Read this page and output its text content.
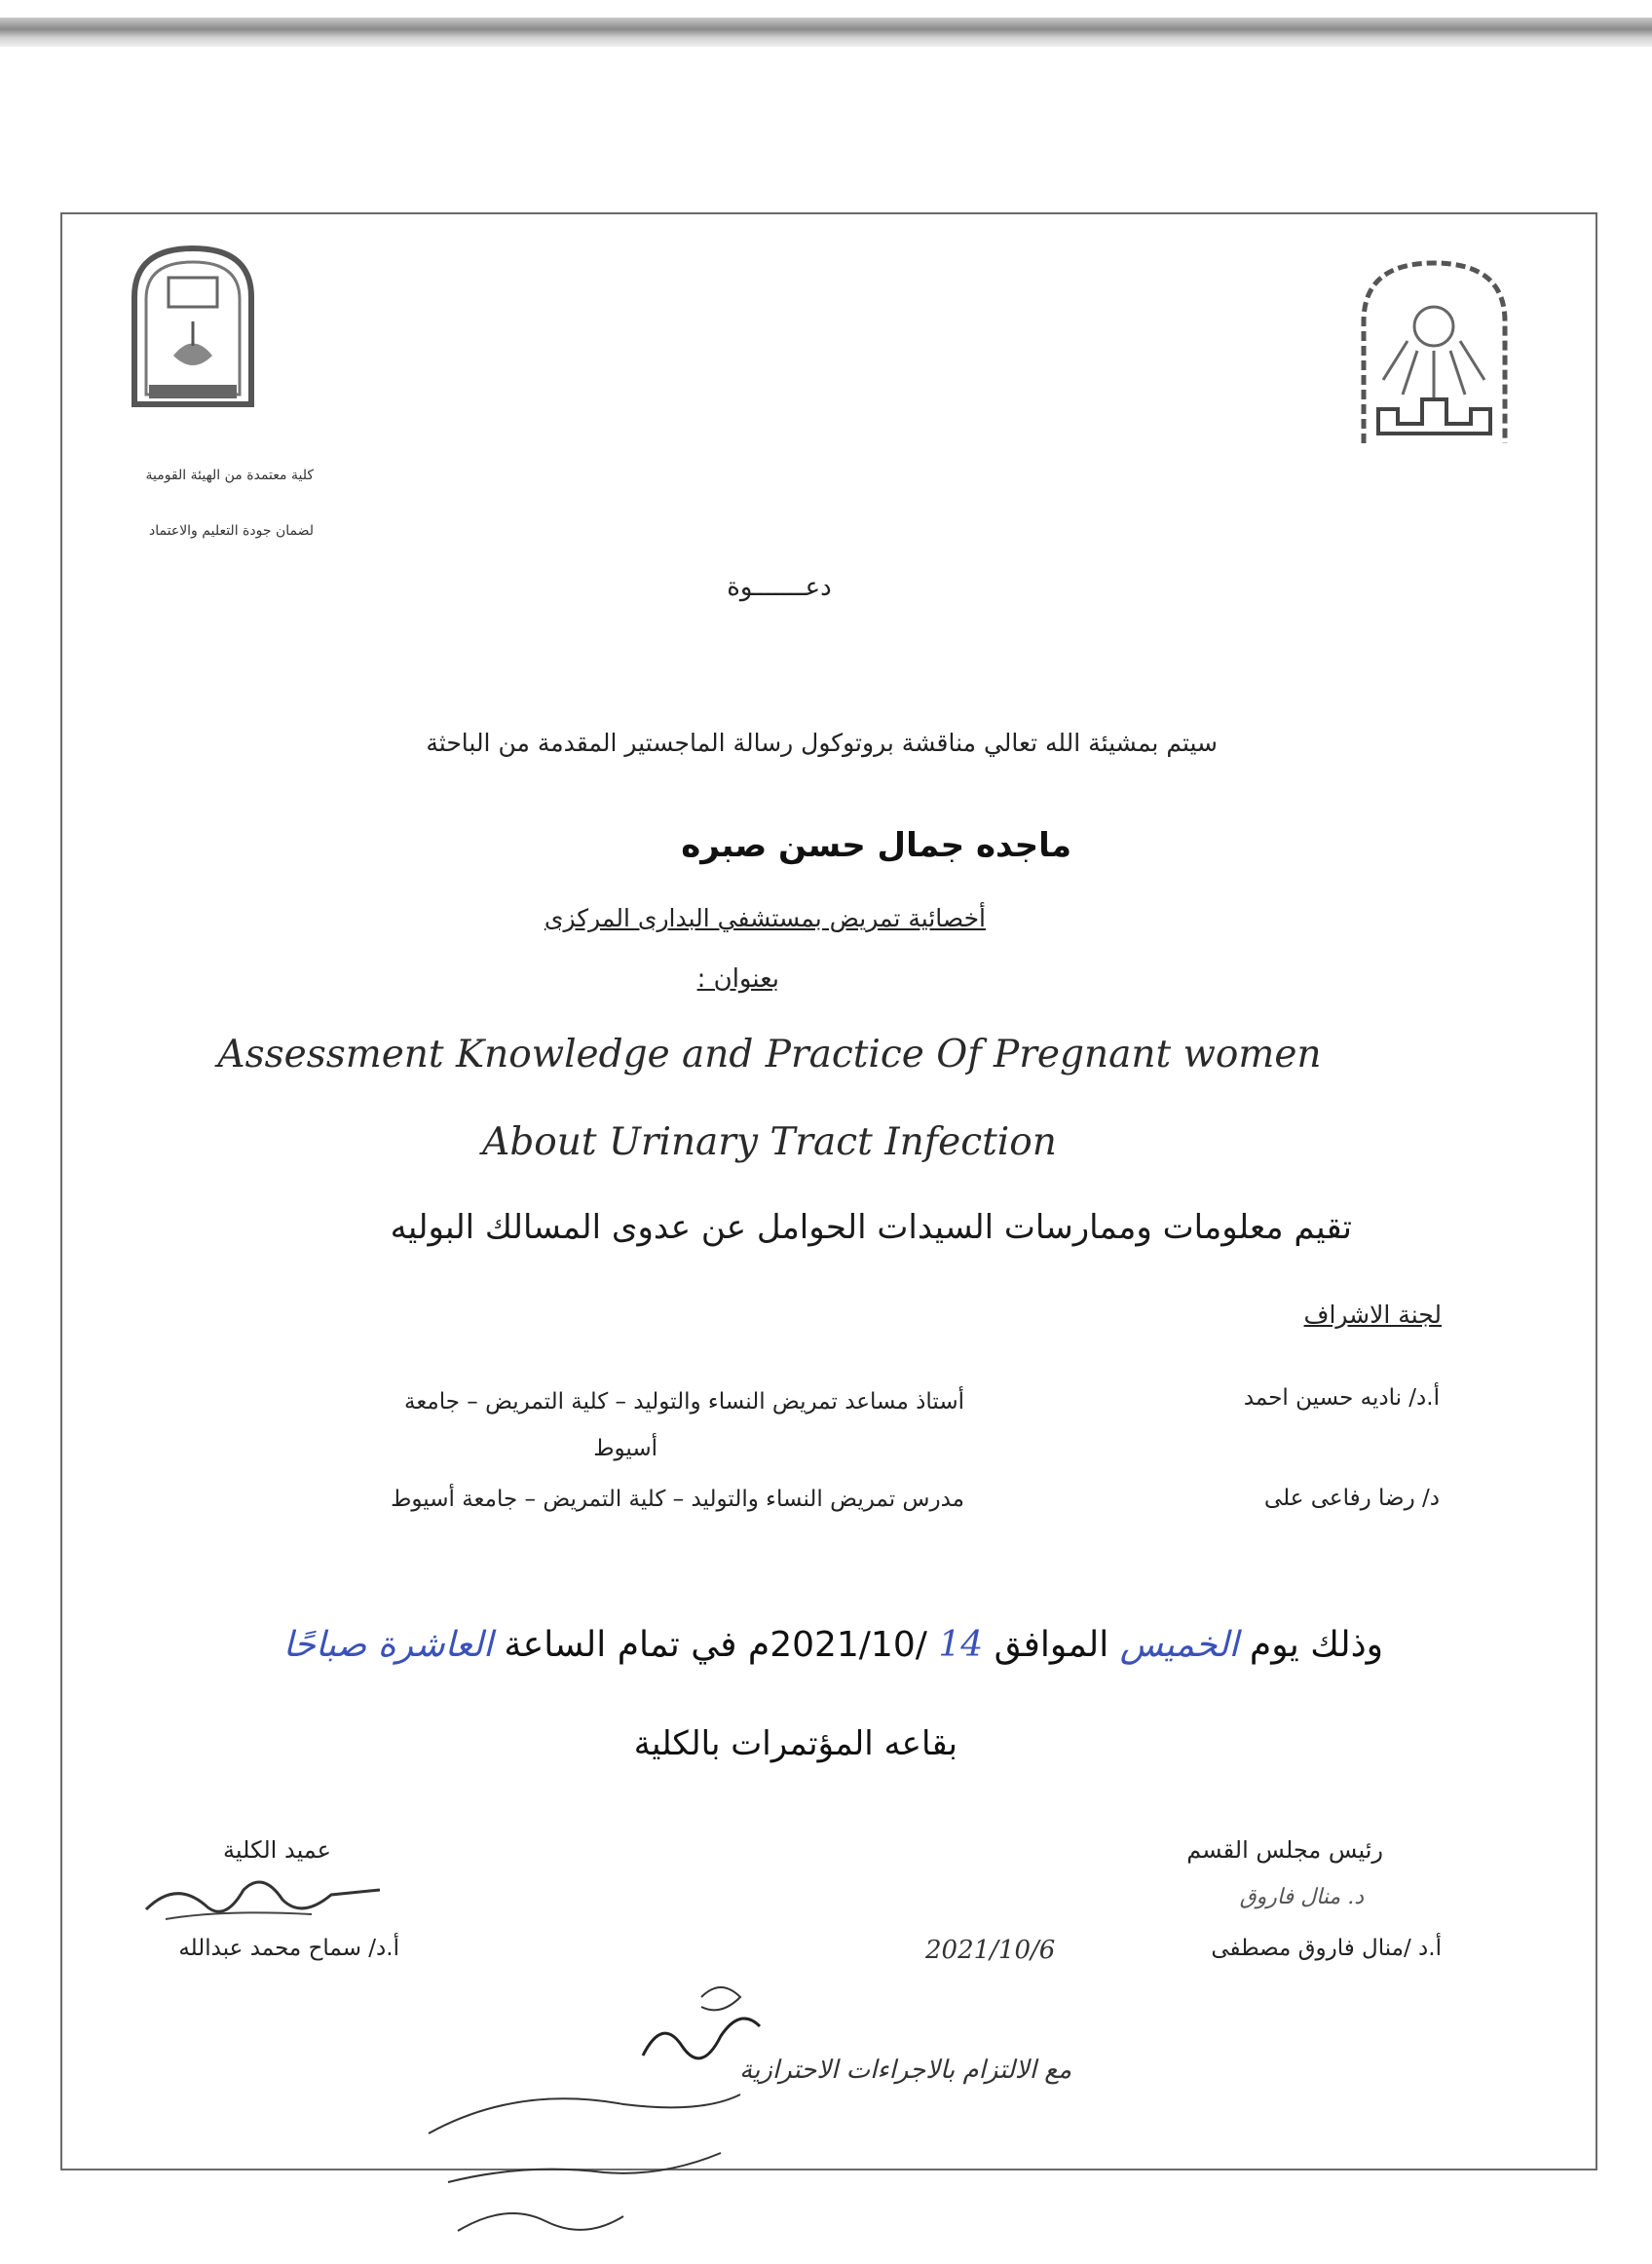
كلية معتمدة من الهيئة القومية
لضمان جودة التعليم والاعتماد
دعـــــــوة
سيتم بمشيئة الله تعالي مناقشة بروتوكول رسالة الماجستير المقدمة من الباحثة
ماجده جمال حسن صبره
أخصائية تمريض بمستشفي البدارى المركزى
بعنوان :
Assessment Knowledge and Practice Of Pregnant women
About Urinary Tract Infection
تقيم معلومات وممارسات السيدات الحوامل عن عدوى المسالك البوليه
لجنة الاشراف
أ.د/ ناديه حسين احمد
أستاذ مساعد تمريض النساء والتوليد – كلية التمريض – جامعة
أسيوط
د/ رضا رفاعى على
مدرس تمريض النساء والتوليد – كلية التمريض – جامعة أسيوط
وذلك يوم الخميس الموافق 14 /2021/10م في تمام الساعة العاشرة صباحًا
بقاعه المؤتمرات بالكلية
عميد الكلية
أ.د/ سماح محمد عبدالله
رئيس مجلس القسم
د. منال فاروق
أ.د /منال فاروق مصطفى
2021/10/6
مع الالتزام بالاجراءات الاحترازية
